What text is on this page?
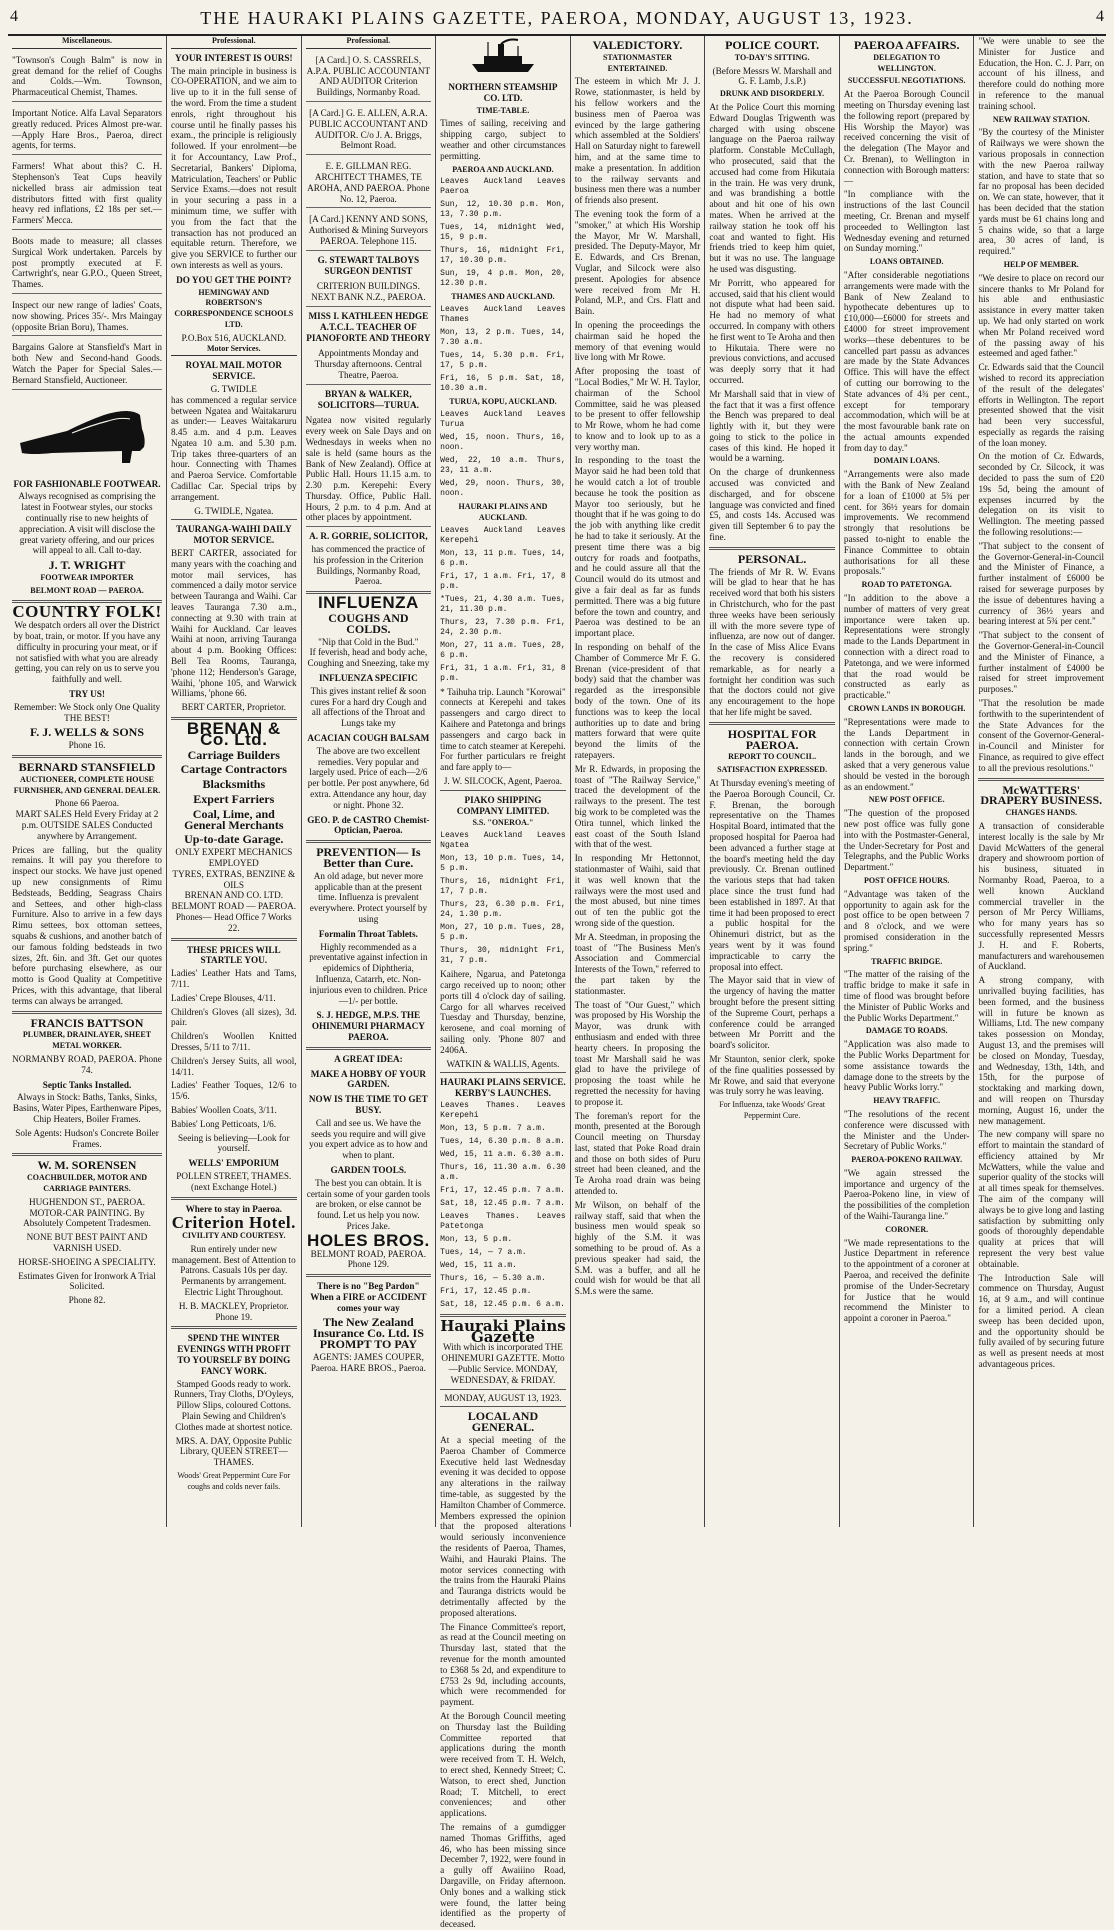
4	THE HAURAKI PLAINS GAZETTE, PAEROA, MONDAY, AUGUST 13, 1923.	4
Miscellaneous.

"Townson's Cough Balm" is now in great demand for the relief of Coughs and Colds.—Wm. Townson, Pharmaceutical Chemist, Thames.

Important Notice. Alfa Laval Separators greatly reduced. Prices Almost pre-war.—Apply Hare Bros., Paeroa, direct agents, for terms.

Farmers! What about this? C. H. Stephenson's Teat Cups heavily nickelled brass air admission teat distributors fitted with first quality heavy red inflations, £2 18s per set.—Farmers' Mecca.

Boots made to measure; all classes Surgical Work undertaken. Parcels by post promptly executed at F. Cartwright's, near G.P.O., Queen Street, Thames.

Inspect our new range of ladies' Coats, now showing. Prices 35/-. Mrs Maingay (opposite Brian Boru), Thames.

Bargains Galore at Stansfield's Mart in both New and Second-hand Goods. Watch the Paper for Special Sales.—Bernard Stansfield, Auctioneer.

FOR FASHIONABLE FOOTWEAR.

Always recognised as comprising the latest in Footwear styles, our stocks continually rise to new heights of appreciation. A visit will disclose the great variety offering, and our prices will appeal to all. Call to-day.

J. T. WRIGHT
FOOTWEAR IMPORTER
BELMONT ROAD — PAEROA.
COUNTRY FOLK!

We despatch orders all over the District by boat, train, or motor. If you have any difficulty in procuring your meat, or if not satisfied with what you are already getting, you can rely on us to serve you faithfully and well.

TRY US!

Remember: We Stock only One Quality THE BEST!

F. J. WELLS & SONS
Phone 16.
BERNARD STANSFIELD
AUCTIONEER, COMPLETE HOUSE FURNISHER, AND GENERAL DEALER.
Phone 66 Paeroa.

MART SALES Held Every Friday at 2 p.m. OUTSIDE SALES Conducted anywhere by Arrangement.

Prices are falling, but the quality remains. It will pay you therefore to inspect our stocks. We have just opened up new consignments of Rimu Bedsteads, Bedding, Seagrass Chairs and Settees, and other high-class Furniture. Also to arrive in a few days Rimu settees, box ottoman settees, squabs & cushions, and another batch of our famous folding bedsteads in two sizes, 2ft. 6in. and 3ft. Get our quotes before purchasing elsewhere, as our motto is Good Quality at Competitive Prices, with this advantage, that liberal terms can always be arranged.

FRANCIS BATTSON
PLUMBER, DRAINLAYER, SHEET METAL WORKER.
NORMANBY ROAD, PAEROA. Phone 74.
Septic Tanks Installed.

Always in Stock: Baths, Tanks, Sinks, Basins, Water Pipes, Earthenware Pipes, Chip Heaters, Boiler Frames.

Sole Agents: Hudson's Concrete Boiler Frames.

W. M. SORENSEN
COACHBUILDER, MOTOR AND CARRIAGE PAINTERS.
HUGHENDON ST., PAEROA.

MOTOR-CAR PAINTING. By Absolutely Competent Tradesmen.

NONE BUT BEST PAINT AND VARNISH USED.

HORSE-SHOEING A SPECIALITY.

Estimates Given for Ironwork A Trial Solicited.

Phone 82.

Professional.
YOUR INTEREST IS OURS!

The main principle in business is CO-OPERATION, and we aim to live up to it in the full sense of the word. From the time a student enrols, right throughout his course until he finally passes his exam., the principle is religiously followed. If your enrolment—be it for Accountancy, Law Prof., Secretarial, Bankers' Diploma, Matriculation, Teachers' or Public Service Exams.—does not result in your securing a pass in a minimum time, we suffer with you from the fact that the transaction has not produced an equitable return. Therefore, we give you SERVICE to further our own interests as well as yours.

DO YOU GET THE POINT?
HEMINGWAY AND ROBERTSON'S CORRESPONDENCE SCHOOLS LTD.
P.O.Box 516, AUCKLAND.
Motor Services.
ROYAL MAIL MOTOR SERVICE.
G. TWIDLE

has commenced a regular service between Ngatea and Waitakaruru as under:— Leaves Waitakaruru 8.45 a.m. and 4 p.m. Leaves Ngatea 10 a.m. and 5.30 p.m. Trip takes three-quarters of an hour. Connecting with Thames and Paeroa Service. Comfortable Cadillac Car. Special trips by arrangement.

G. TWIDLE, Ngatea.
TAURANGA-WAIHI DAILY MOTOR SERVICE.

BERT CARTER, associated for many years with the coaching and motor mail services, has commenced a daily motor service between Tauranga and Waihi. Car leaves Tauranga 7.30 a.m., connecting at 9.30 with train at Waihi for Auckland. Car leaves Waihi at noon, arriving Tauranga about 4 p.m. Booking Offices: Bell Tea Rooms, Tauranga, 'phone 112; Henderson's Garage, Waihi, 'phone 105, and Warwick Williams, 'phone 66.

BERT CARTER, Proprietor.
BRENAN & Co. Ltd.

Carriage Builders

Cartage Contractors

Blacksmiths

Expert Farriers

Coal, Lime, and General Merchants

Up-to-date Garage.
ONLY EXPERT MECHANICS EMPLOYED
TYRES, EXTRAS, BENZINE & OILS

BRENAN AND CO. LTD. BELMONT ROAD — PAEROA. Phones— Head Office 7 Works 22.

THESE PRICES WILL STARTLE YOU.

Ladies' Leather Hats and Tams, 7/11.

Ladies' Crepe Blouses, 4/11.

Children's Gloves (all sizes), 3d. pair.

Children's Woollen Knitted Dresses, 5/11 to 7/11.

Children's Jersey Suits, all wool, 14/11.

Ladies' Feather Toques, 12/6 to 15/6.

Babies' Woollen Coats, 3/11.

Babies' Long Petticoats, 1/6.

Seeing is believing—Look for yourself.

WELLS' EMPORIUM
POLLEN STREET, THAMES. (next Exchange Hotel.)
Where to stay in Paeroa.
Criterion Hotel.
CIVILITY AND COURTESY.

Run entirely under new management. Best of Attention to Patrons. Casuals 10s per day. Permanents by arrangement. Electric Light Throughout.

H. B. MACKLEY, Proprietor. Phone 19.
SPEND THE WINTER EVENINGS WITH PROFIT TO YOURSELF BY DOING FANCY WORK.

Stamped Goods ready to work. Runners, Tray Cloths, D'Oyleys, Pillow Slips, coloured Cottons. Plain Sewing and Children's Clothes made at shortest notice.

MRS. A. DAY, Opposite Public Library, QUEEN STREET—THAMES.
Woods' Great Peppermint Cure For coughs and colds never fails.
Professional.

[A Card.] O. S. CASSRELS, A.P.A. PUBLIC ACCOUNTANT AND AUDITOR Criterion Buildings, Normanby Road.

[A Card.] G. E. ALLEN, A.R.A. PUBLIC ACCOUNTANT AND AUDITOR. C/o J. A. Briggs, Belmont Road.

E. E. GILLMAN REG. ARCHITECT THAMES, TE AROHA, AND PAEROA. Phone No. 12, Paeroa.

[A Card.] KENNY AND SONS, Authorised & Mining Surveyors PAEROA. Telephone 115.

G. STEWART TALBOYS SURGEON DENTIST

CRITERION BUILDINGS. NEXT BANK N.Z., PAEROA.

MISS I. KATHLEEN HEDGE A.T.C.L. TEACHER OF PIANOFORTE AND THEORY

Appointments Monday and Thursday afternoons. Central Theatre, Paeroa.

BRYAN & WALKER, SOLICITORS—TURUA.

Ngatea now visited regularly every week on Sale Days and on Wednesdays in weeks when no sale is held (same hours as the Bank of New Zealand). Office at Public Hall. Hours 11.15 a.m. to 2.30 p.m. Kerepehi: Every Thursday. Office, Public Hall. Hours, 2 p.m. to 4 p.m. And at other places by appointment.

A. R. GORRIE, SOLICITOR,

has commenced the practice of his profession in the Criterion Buildings, Normanby Road, Paeroa.

INFLUENZA
COUGHS AND COLDS.
"Nip that Cold in the Bud."

If feverish, head and body ache, Coughing and Sneezing, take my

INFLUENZA SPECIFIC

This gives instant relief & soon cures For a hard dry Cough and all affections of the Throat and Lungs take my

ACACIAN COUGH BALSAM

The above are two excellent remedies. Very popular and largely used. Price of each—2/6 per bottle. Per post anywhere, 6d extra. Attendance any hour, day or night. Phone 32.

GEO. P. de CASTRO Chemist-Optician, Paeroa.
PREVENTION— Is Better than Cure.

An old adage, but never more applicable than at the present time. Influenza is prevalent everywhere. Protect yourself by using

Formalin Throat Tablets.

Highly recommended as a preventative against infection in epidemics of Diphtheria, Influenza, Catarrh, etc. Non-injurious even to children. Price—1/- per bottle.

S. J. HEDGE, M.P.S. THE OHINEMURI PHARMACY PAEROA.
A GREAT IDEA:
MAKE A HOBBY OF YOUR GARDEN.
NOW IS THE TIME TO GET BUSY.

Call and see us. We have the seeds you require and will give you expert advice as to how and when to plant.

GARDEN TOOLS.

The best you can obtain. It is certain some of your garden tools are broken, or else cannot be found. Let us help you now. Prices Jake.

HOLES BROS.
BELMONT ROAD, PAEROA. Phone 129.
There is no "Beg Pardon" When a FIRE or ACCIDENT comes your way
The New Zealand Insurance Co. Ltd. IS PROMPT TO PAY
AGENTS: JAMES COUPER, Paeroa. HARE BROS., Paeroa.
NORTHERN STEAMSHIP CO. LTD.
TIME-TABLE.

Times of sailing, receiving and shipping cargo, subject to weather and other circumstances permitting.

PAEROA AND AUCKLAND.

Leaves Auckland Leaves Paeroa

Sun, 12, 10.30 p.m. Mon, 13, 7.30 p.m.

Tues, 14, midnight Wed, 15, 9 p.m.

Thurs, 16, midnight Fri, 17, 10.30 p.m.

Sun, 19, 4 p.m. Mon, 20, 12.30 p.m.

THAMES AND AUCKLAND.

Leaves Auckland Leaves Thames

Mon, 13, 2 p.m. Tues, 14, 7.30 a.m.

Tues, 14, 5.30 p.m. Fri, 17, 5 p.m.

Fri, 16, 5 p.m. Sat, 18, 10.30 a.m.

TURUA, KOPU, AUCKLAND.

Leaves Auckland Leaves Turua

Wed, 15, noon. Thurs, 16, noon.

Wed, 22, 10 a.m. Thurs, 23, 11 a.m.

Wed, 29, noon. Thurs, 30, noon.

HAURAKI PLAINS AND AUCKLAND.

Leaves Auckland Leaves Kerepehi

Mon, 13, 11 p.m. Tues, 14, 6 p.m.

Fri, 17, 1 a.m. Fri, 17, 8 p.m.

*Tues, 21, 4.30 a.m. Tues, 21, 11.30 p.m.

Thurs, 23, 7.30 p.m. Fri, 24, 2.30 p.m.

Mon, 27, 11 a.m. Tues, 28, 6 p.m.

Fri, 31, 1 a.m. Fri, 31, 8 p.m.

* Taihuha trip. Launch "Korowai" connects at Kerepehi and takes passengers and cargo direct to Kaihere and Patetonga and brings passengers and cargo back in time to catch steamer at Kerepehi. For further particulars re freight and fare apply to—

J. W. SILCOCK, Agent, Paeroa.
PIAKO SHIPPING COMPANY LIMITED.
S.S. "ONEROA."

Leaves Auckland Leaves Ngatea

Mon, 13, 10 p.m. Tues, 14, 5 p.m.

Thurs, 16, midnight Fri, 17, 7 p.m.

Thurs, 23, 6.30 p.m. Fri, 24, 1.30 p.m.

Mon, 27, 10 p.m. Tues, 28, 5 p.m.

Thurs, 30, midnight Fri, 31, 7 p.m.

Kaihere, Ngarua, and Patetonga cargo received up to noon; other ports till 4 o'clock day of sailing. Cargo for all wharves received Tuesday and Thursday, benzine, kerosene, and coal morning of sailing only. 'Phone 807 and 2406A.

WATKIN & WALLIS, Agents.
HAURAKI PLAINS SERVICE. KERBY'S LAUNCHES.

Leaves Thames. Leaves Kerepehi

Mon, 13, 5 p.m. 7 a.m.

Tues, 14, 6.30 p.m. 8 a.m.

Wed, 15, 11 a.m. 6.30 a.m.

Thurs, 16, 11.30 a.m. 6.30 a.m.

Fri, 17, 12.45 p.m. 7 a.m.

Sat, 18, 12.45 p.m. 7 a.m.

Leaves Thames. Leaves Patetonga

Mon, 13, 5 p.m.

Tues, 14, — 7 a.m.

Wed, 15, 11 a.m.

Thurs, 16, — 5.30 a.m.

Fri, 17, 12.45 p.m.

Sat, 18, 12.45 p.m. 6 a.m.

Hauraki Plains Gazette
With which is incorporated THE OHINEMURI GAZETTE. Motto—Public Service. MONDAY, WEDNESDAY, & FRIDAY.
MONDAY, AUGUST 13, 1923.
LOCAL AND GENERAL.

At a special meeting of the Paeroa Chamber of Commerce Executive held last Wednesday evening it was decided to oppose any alterations in the railway time-table, as suggested by the Hamilton Chamber of Commerce. Members expressed the opinion that the proposed alterations would seriously inconvenience the residents of Paeroa, Thames, Waihi, and Hauraki Plains. The motor services connecting with the trains from the Hauraki Plains and Tauranga districts would be detrimentally affected by the proposed alterations.

The Finance Committee's report, as read at the Council meeting on Thursday last, stated that the revenue for the month amounted to £368 5s 2d, and expenditure to £753 2s 9d, including accounts, which were recommended for payment.

At the Borough Council meeting on Thursday last the Building Committee reported that applications during the month were received from T. H. Welch, to erect shed, Kennedy Street; C. Watson, to erect shed, Junction Road; T. Mitchell, to erect conveniences; and other applications.

The remains of a gumdigger named Thomas Griffiths, aged 46, who has been missing since December 7, 1922, were found in a gully off Awaiiino Road, Dargaville, on Friday afternoon. Only bones and a walking stick were found, the latter being identified as the property of deceased.

VALEDICTORY.
STATIONMASTER ENTERTAINED.

The esteem in which Mr J. J. Rowe, stationmaster, is held by his fellow workers and the business men of Paeroa was evinced by the large gathering which assembled at the Soldiers' Hall on Saturday night to farewell him, and at the same time to make a presentation. In addition to the railway servants and business men there was a number of friends also present.

The evening took the form of a "smoker," at which His Worship the Mayor, Mr W. Marshall, presided. The Deputy-Mayor, Mr E. Edwards, and Crs Brenan, Vuglar, and Silcock were also present. Apologies for absence were received from Mr H. Poland, M.P., and Crs. Flatt and Bain.

In opening the proceedings the chairman said he hoped the memory of that evening would live long with Mr Rowe.

After proposing the toast of "Local Bodies," Mr W. H. Taylor, chairman of the School Committee, said he was pleased to be present to offer fellowship to Mr Rowe, whom he had come to know and to look up to as a very worthy man.

In responding to the toast the Mayor said he had been told that he would catch a lot of trouble because he took the position as Mayor too seriously, but he thought that if he was going to do the job with anything like credit he had to take it seriously. At the present time there was a big outcry for roads and footpaths, and he could assure all that the Council would do its utmost and give a fair deal as far as funds permitted. There was a big future before the town and country, and Paeroa was destined to be an important place.

In responding on behalf of the Chamber of Commerce Mr F. G. Brenan (vice-president of that body) said that the chamber was regarded as the irresponsible body of the town. One of its functions was to keep the local authorities up to date and bring matters forward that were quite beyond the limits of the ratepayers.

Mr R. Edwards, in proposing the toast of "The Railway Service," traced the development of the railways to the present. The test big work to be completed was the Otira tunnel, which linked the east coast of the South Island with that of the west.

In responding Mr Hettonnot, stationmaster of Waihi, said that it was well known that the railways were the most used and the most abused, but nine times out of ten the public got the wrong side of the question.

Mr A. Steedman, in proposing the toast of "The Business Men's Association and Commercial Interests of the Town," referred to the part taken by the stationmaster.

The toast of "Our Guest," which was proposed by His Worship the Mayor, was drunk with enthusiasm and ended with three hearty cheers. In proposing the toast Mr Marshall said he was glad to have the privilege of proposing the toast while he regretted the necessity for having to propose it.

The foreman's report for the month, presented at the Borough Council meeting on Thursday last, stated that Poke Road drain and those on both sides of Puru street had been cleaned, and the Te Aroha road drain was being attended to.

Mr Wilson, on behalf of the railway staff, said that when the business men would speak so highly of the S.M. it was something to be proud of. As a previous speaker had said, the S.M. was a buffer, and all he could wish for would be that all S.M.s were the same.

POLICE COURT.
TO-DAY'S SITTING.
(Before Messrs W. Marshall and G. F. Lamb, J.s.P.)
DRUNK AND DISORDERLY.

At the Police Court this morning Edward Douglas Trigwenth was charged with using obscene language on the Paeroa railway platform. Constable McCullagh, who prosecuted, said that the accused had come from Hikutaia in the train. He was very drunk, and was brandishing a bottle about and hit one of his own mates. When he arrived at the railway station he took off his coat and wanted to fight. His friends tried to keep him quiet, but it was no use. The language he used was disgusting.

Mr Porritt, who appeared for accused, said that his client would not dispute what had been said. He had no memory of what occurred. In company with others he first went to Te Aroha and then to Hikutaia. There were no previous convictions, and accused was deeply sorry that it had occurred.

Mr Marshall said that in view of the fact that it was a first offence the Bench was prepared to deal lightly with it, but they were going to stick to the police in cases of this kind. He hoped it would be a warning.

On the charge of drunkenness accused was convicted and discharged, and for obscene language was convicted and fined £5, and costs 14s. Accused was given till September 6 to pay the fine.

PERSONAL.

The friends of Mr R. W. Evans will be glad to hear that he has received word that both his sisters in Christchurch, who for the past three weeks have been seriously ill with the more severe type of influenza, are now out of danger. In the case of Miss Alice Evans the recovery is considered remarkable, as for nearly a fortnight her condition was such that the doctors could not give any encouragement to the hope that her life might be saved.

HOSPITAL FOR PAEROA.
REPORT TO COUNCIL.
SATISFACTION EXPRESSED.

At Thursday evening's meeting of the Paeroa Borough Council, Cr. F. Brenan, the borough representative on the Thames Hospital Board, intimated that the proposed hospital for Paeroa had been advanced a further stage at the board's meeting held the day previously. Cr. Brenan outlined the various steps that had taken place since the trust fund had been established in 1897. At that time it had been proposed to erect a public hospital for the Ohinemuri district, but as the years went by it was found impracticable to carry the proposal into effect.

The Mayor said that in view of the urgency of having the matter brought before the present sitting of the Supreme Court, perhaps a conference could be arranged between Mr Porritt and the board's solicitor.

Mr Staunton, senior clerk, spoke of the fine qualities possessed by Mr Rowe, and said that everyone was truly sorry he was leaving.

For Influenza, take Woods' Great Peppermint Cure.
PAEROA AFFAIRS.
DELEGATION TO WELLINGTON.
SUCCESSFUL NEGOTIATIONS.

At the Paeroa Borough Council meeting on Thursday evening last the following report (prepared by His Worship the Mayor) was received concerning the visit of the delegation (The Mayor and Cr. Brenan), to Wellington in connection with Borough matters:—

"In compliance with the instructions of the last Council meeting, Cr. Brenan and myself proceeded to Wellington last Wednesday evening and returned on Sunday morning."

LOANS OBTAINED.

"After considerable negotiations arrangements were made with the Bank of New Zealand to hypothecate debentures up to £10,000—£6000 for streets and £4000 for street improvement works—these debentures to be cancelled part passu as advances are made by the State Advances Office. This will have the effect of cutting our borrowing to the State advances of 4¾ per cent., except for temporary accommodation, which will be at the most favourable bank rate on the actual amounts expended from day to day."

DOMAIN LOANS.

"Arrangements were also made with the Bank of New Zealand for a loan of £1000 at 5¾ per cent. for 36½ years for domain improvements. We recommend strongly that resolutions be passed to-night to enable the Finance Committee to obtain authorisations for all these proposals."

ROAD TO PATETONGA.

"In addition to the above a number of matters of very great importance were taken up. Representations were strongly made to the Lands Department in connection with a direct road to Patetonga, and we were informed that the road would be constructed as early as practicable."

CROWN LANDS IN BOROUGH.

"Representations were made to the Lands Department in connection with certain Crown lands in the borough, and we asked that a very generous value should be vested in the borough as an endowment."

NEW POST OFFICE.

"The question of the proposed new post office was fully gone into with the Postmaster-General, the Under-Secretary for Post and Telegraphs, and the Public Works Department."

POST OFFICE HOURS.

"Advantage was taken of the opportunity to again ask for the post office to be open between 7 and 8 o'clock, and we were promised consideration in the spring."

TRAFFIC BRIDGE.

"The matter of the raising of the traffic bridge to make it safe in time of flood was brought before the Minister of Public Works and the Public Works Department."

DAMAGE TO ROADS.

"Application was also made to the Public Works Department for some assistance towards the damage done to the streets by the heavy Public Works lorry."

HEAVY TRAFFIC.

"The resolutions of the recent conference were discussed with the Minister and the Under-Secretary of Public Works."

PAEROA-POKENO RAILWAY.

"We again stressed the importance and urgency of the Paeroa-Pokeno line, in view of the possibilities of the completion of the Waihi-Tauranga line."

CORONER.

"We made representations to the Justice Department in reference to the appointment of a coroner at Paeroa, and received the definite promise of the Under-Secretary for Justice that he would recommend the Minister to appoint a coroner in Paeroa."

"We were unable to see the Minister for Justice and Education, the Hon. C. J. Parr, on account of his illness, and therefore could do nothing more in reference to the manual training school.

NEW RAILWAY STATION.

"By the courtesy of the Minister of Railways we were shown the various proposals in connection with the new Paeroa railway station, and have to state that so far no proposal has been decided on. We can state, however, that it has been decided that the station yards must be 61 chains long and 5 chains wide, so that a large area, 30 acres of land, is required."

HELP OF MEMBER.

"We desire to place on record our sincere thanks to Mr Poland for his able and enthusiastic assistance in every matter taken up. We had only started on work when Mr Poland received word of the passing away of his esteemed and aged father."

Cr. Edwards said that the Council wished to record its appreciation of the result of the delegates' efforts in Wellington. The report presented showed that the visit had been very successful, especially as regards the raising of the loan money.

On the motion of Cr. Edwards, seconded by Cr. Silcock, it was decided to pass the sum of £20 19s 5d, being the amount of expenses incurred by the delegation on its visit to Wellington. The meeting passed the following resolutions:—

"That subject to the consent of the Governor-General-in-Council and the Minister of Finance, a further instalment of £6000 be raised for sewerage purposes by the issue of debentures having a currency of 36½ years and bearing interest at 5¾ per cent."

"That subject to the consent of the Governor-General-in-Council and the Minister of Finance, a further instalment of £4000 be raised for street improvement purposes."

"That the resolution be made forthwith to the superintendent of the State Advances for the consent of the Governor-General-in-Council and Minister for Finance, as required to give effect to all the previous resolutions."

McWATTERS' DRAPERY BUSINESS.
CHANGES HANDS.

A transaction of considerable interest locally is the sale by Mr David McWatters of the general drapery and showroom portion of his business, situated in Normanby Road, Paeroa, to a well known Auckland commercial traveller in the person of Mr Percy Williams, who for many years has so successfully represented Messrs J. H. and F. Roberts, manufacturers and warehousemen of Auckland.

A strong company, with unrivalled buying facilities, has been formed, and the business will in future be known as Williams, Ltd. The new company takes possession on Monday, August 13, and the premises will be closed on Monday, Tuesday, and Wednesday, 13th, 14th, and 15th, for the purpose of stocktaking and marking down, and will reopen on Thursday morning, August 16, under the new management.

The new company will spare no effort to maintain the standard of efficiency attained by Mr McWatters, while the value and superior quality of the stocks will at all times speak for themselves. The aim of the company will always be to give long and lasting satisfaction by submitting only goods of thoroughly dependable quality at prices that will represent the very best value obtainable.

The Introduction Sale will commence on Thursday, August 16, at 9 a.m., and will continue for a limited period. A clean sweep has been decided upon, and the opportunity should be fully availed of by securing future as well as present needs at most advantageous prices.
